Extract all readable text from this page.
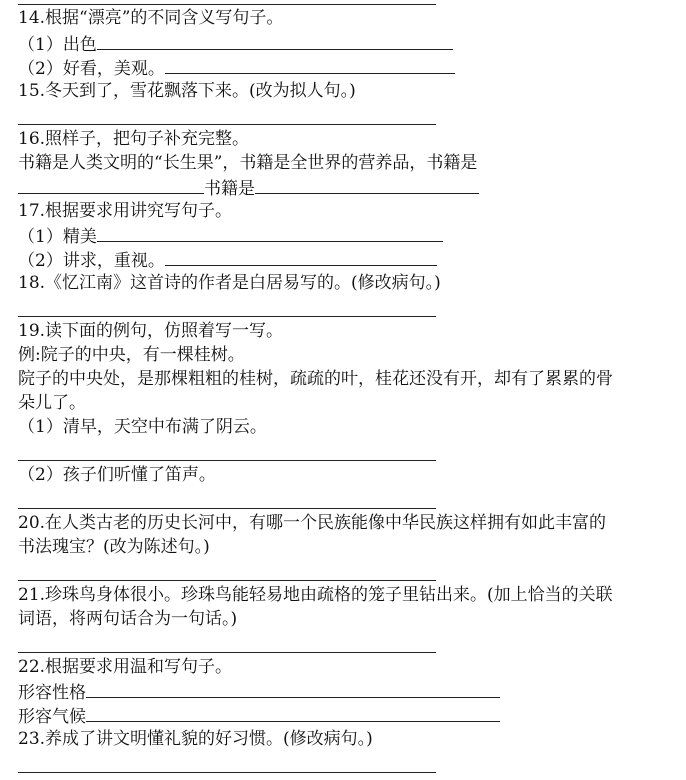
14.根据“漂亮”的不同含义写句子。
（1）出色
（2）好看，美观。
15.冬天到了，雪花飘落下来。(改为拟人句。)
16.照样子，把句子补充完整。
书籍是人类文明的“长生果”，书籍是全世界的营养品，书籍是
书籍是
17.根据要求用讲究写句子。
（1）精美
（2）讲求，重视。
18.《忆江南》这首诗的作者是白居易写的。(修改病句。)
19.读下面的例句，仿照着写一写。
例:院子的中央，有一棵桂树。
院子的中央处，是那棵粗粗的桂树，疏疏的叶，桂花还没有开，却有了累累的骨
朵儿了。
（1）清早，天空中布满了阴云。
（2）孩子们听懂了笛声。
20.在人类古老的历史长河中，有哪一个民族能像中华民族这样拥有如此丰富的
书法瑰宝？(改为陈述句。)
21.珍珠鸟身体很小。珍珠鸟能轻易地由疏格的笼子里钻出来。(加上恰当的关联
词语，将两句话合为一句话。)
22.根据要求用温和写句子。
形容性格
形容气候
23.养成了讲文明懂礼貌的好习惯。(修改病句。)
